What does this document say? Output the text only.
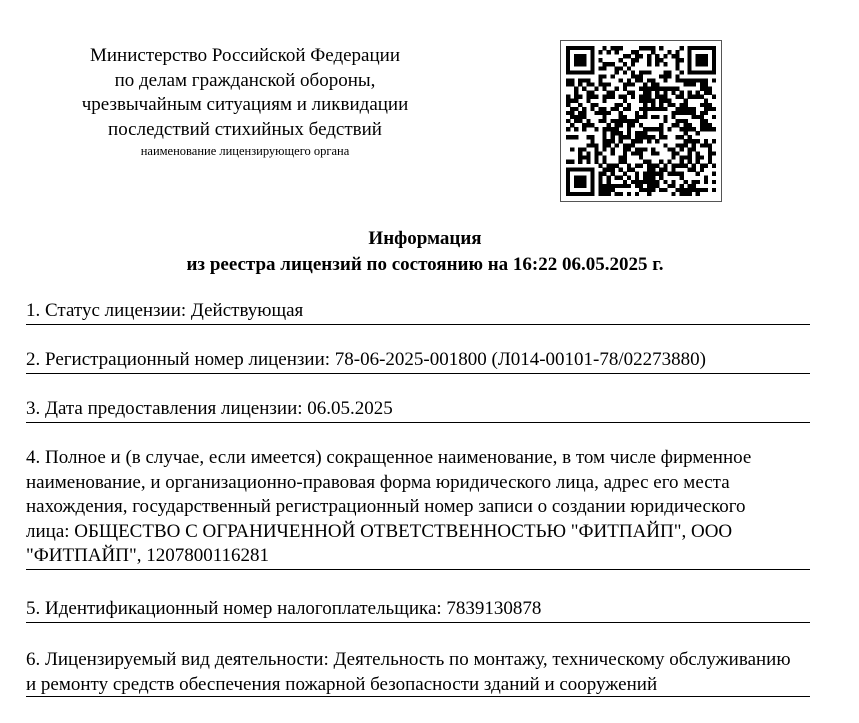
Министерство Российской Федерации
по делам гражданской обороны,
чрезвычайным ситуациям и ликвидации
последствий стихийных бедствий
наименование лицензирующего органа
Информация
из реестра лицензий по состоянию на 16:22 06.05.2025 г.
1. Статус лицензии: Действующая
2. Регистрационный номер лицензии: 78-06-2025-001800 (Л014-00101-78/02273880)
3. Дата предоставления лицензии: 06.05.2025
4. Полное и (в случае, если имеется) сокращенное наименование, в том числе фирменное
наименование, и организационно-правовая форма юридического лица, адрес его места
нахождения, государственный регистрационный номер записи о создании юридического
лица: ОБЩЕСТВО С ОГРАНИЧЕННОЙ ОТВЕТСТВЕННОСТЬЮ "ФИТПАЙП", ООО
"ФИТПАЙП", 1207800116281
5. Идентификационный номер налогоплательщика: 7839130878
6. Лицензируемый вид деятельности: Деятельность по монтажу, техническому обслуживанию
и ремонту средств обеспечения пожарной безопасности зданий и сооружений
